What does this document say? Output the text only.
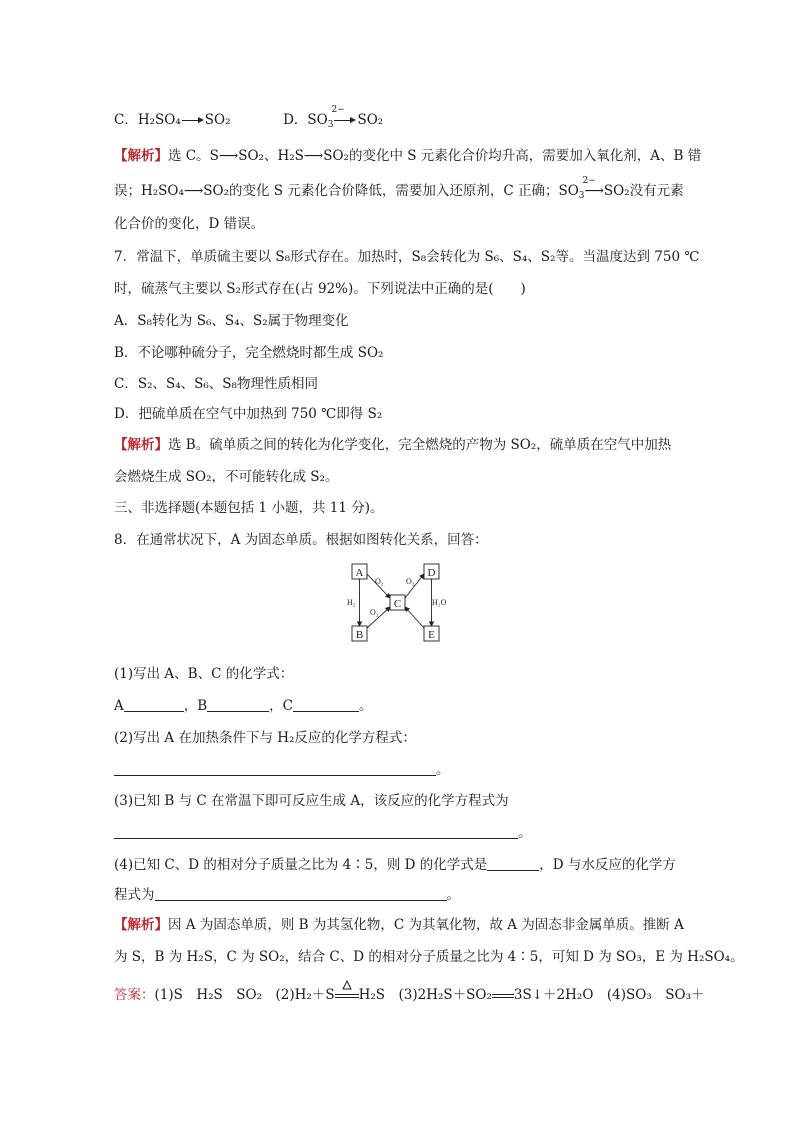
C．H₂SO₄ SO₂	D．$SO_3$
2−
SO₂
【解析】选 C。S⟶SO₂、H₂S⟶SO₂的变化中 S 元素化合价均升高，需要加入氧化剂，A、B 错
误；H₂SO₄⟶SO₂的变化 S 元素化合价降低，需要加入还原剂，C 正确；$SO_3$
2−
⟶SO₂没有元素
化合价的变化，D 错误。
7．常温下，单质硫主要以 S₈形式存在。加热时，S₈会转化为 S₆、S₄、S₂等。当温度达到 750 ℃
时，硫蒸气主要以 S₂形式存在(占 92%)。下列说法中正确的是(　　)
A．S₈转化为 S₆、S₄、S₂属于物理变化
B．不论哪种硫分子，完全燃烧时都生成 SO₂
C．S₂、S₄、S₆、S₈物理性质相同
D．把硫单质在空气中加热到 750 ℃即得 S₂
【解析】选 B。硫单质之间的转化为化学变化，完全燃烧的产物为 SO₂，硫单质在空气中加热
会燃烧生成 SO₂，不可能转化成 S₂。
三、非选择题(本题包括 1 小题，共 11 分)。
8．在通常状况下，A 为固态单质。根据如图转化关系，回答：
A	D
C
B	E
O₂	O₂
H₂
O₂
H₂O
(1)写出 A、B、C 的化学式：
A	，B	，C	。
(2)写出 A 在加热条件下与 H₂反应的化学方程式：
。
(3)已知 B 与 C 在常温下即可反应生成 A，该反应的化学方程式为
。
(4)已知 C、D 的相对分子质量之比为 4∶5，则 D 的化学式是	，D 与水反应的化学方
程式为	。
【解析】因 A 为固态单质，则 B 为其氢化物，C 为其氧化物，故 A 为固态非金属单质。推断 A
为 S，B 为 H₂S，C 为 SO₂，结合 C、D 的相对分子质量之比为 4∶5，可知 D 为 SO₃，E 为 H₂SO₄。
答案：(1)S　H₂S　SO₂　(2)H₂＋S H₂S　(3)2H₂S＋SO₂ 3S↓＋2H₂O　(4)SO₃　SO₃＋
